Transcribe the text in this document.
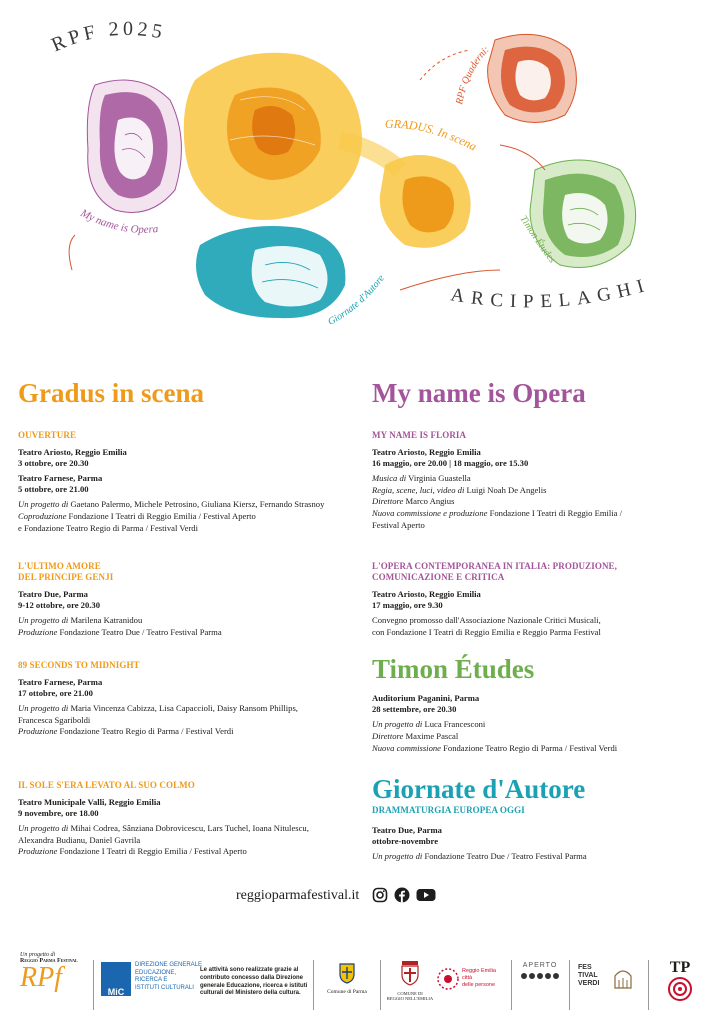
RPF 2025
ARCIPELAGHI
My name is Opera
GRADUS. In scena
Timon Études
Giornate d'Autore
RPF Quaderni:
Gradus in scena
OUVERTURE
Teatro Ariosto, Reggio Emilia
3 ottobre, ore 20.30
Teatro Farnese, Parma
5 ottobre, ore 21.00
Un progetto di Gaetano Palermo, Michele Petrosino, Giuliana Kiersz, Fernando Strasnoy
Coproduzione Fondazione I Teatri di Reggio Emilia / Festival Aperto
e Fondazione Teatro Regio di Parma / Festival Verdi
L'ULTIMO AMORE
DEL PRINCIPE GENJI
Teatro Due, Parma
9-12 ottobre, ore 20.30
Un progetto di Marilena Katranidou
Produzione Fondazione Teatro Due / Teatro Festival Parma
89 SECONDS TO MIDNIGHT
Teatro Farnese, Parma
17 ottobre, ore 21.00
Un progetto di Maria Vincenza Cabizza, Lisa Capaccioli, Daisy Ransom Phillips,
Francesca Sgariboldi
Produzione Fondazione Teatro Regio di Parma / Festival Verdi
IL SOLE S'ERA LEVATO AL SUO COLMO
Teatro Municipale Valli, Reggio Emilia
9 novembre, ore 18.00
Un progetto di Mihai Codrea, Sânziana Dobrovicescu, Lars Tuchel, Ioana Nitulescu,
Alexandra Budianu, Daniel Gavrila
Produzione Fondazione I Teatri di Reggio Emilia / Festival Aperto
My name is Opera
MY NAME IS FLORIA
Teatro Ariosto, Reggio Emilia
16 maggio, ore 20.00 | 18 maggio, ore 15.30
Musica di Virginia Guastella
Regia, scene, luci, video di Luigi Noah De Angelis
Direttore Marco Angius
Nuova commissione e produzione Fondazione I Teatri di Reggio Emilia /
Festival Aperto
L'OPERA CONTEMPORANEA IN ITALIA: PRODUZIONE,
COMUNICAZIONE E CRITICA
Teatro Ariosto, Reggio Emilia
17 maggio, ore 9.30
Convegno promosso dall'Associazione Nazionale Critici Musicali,
con Fondazione I Teatri di Reggio Emilia e Reggio Parma Festival
Timon Études
Auditorium Paganini, Parma
28 settembre, ore 20.30
Un progetto di Luca Francesconi
Direttore Maxime Pascal
Nuova commissione Fondazione Teatro Regio di Parma / Festival Verdi
Giornate d'Autore
DRAMMATURGIA EUROPEA OGGI
Teatro Due, Parma
ottobre-novembre
Un progetto di Fondazione Teatro Due / Teatro Festival Parma
reggioparmafestival.it
Un progetto di
Reggio Parma Festival
RPf	MiC
DIREZIONE GENERALE
EDUCAZIONE,
RICERCA E
ISTITUTI CULTURALI
Le attività sono realizzate grazie al
contributo concesso dalla Direzione
generale Educazione, ricerca e istituti
culturali del Ministero della cultura.	Comune di Parma	COMUNE DI
REGGIO NELL'EMILIA
Reggio Emilia
città
delle persone
APERTO	FES
TIVAL
VERDI
TP
